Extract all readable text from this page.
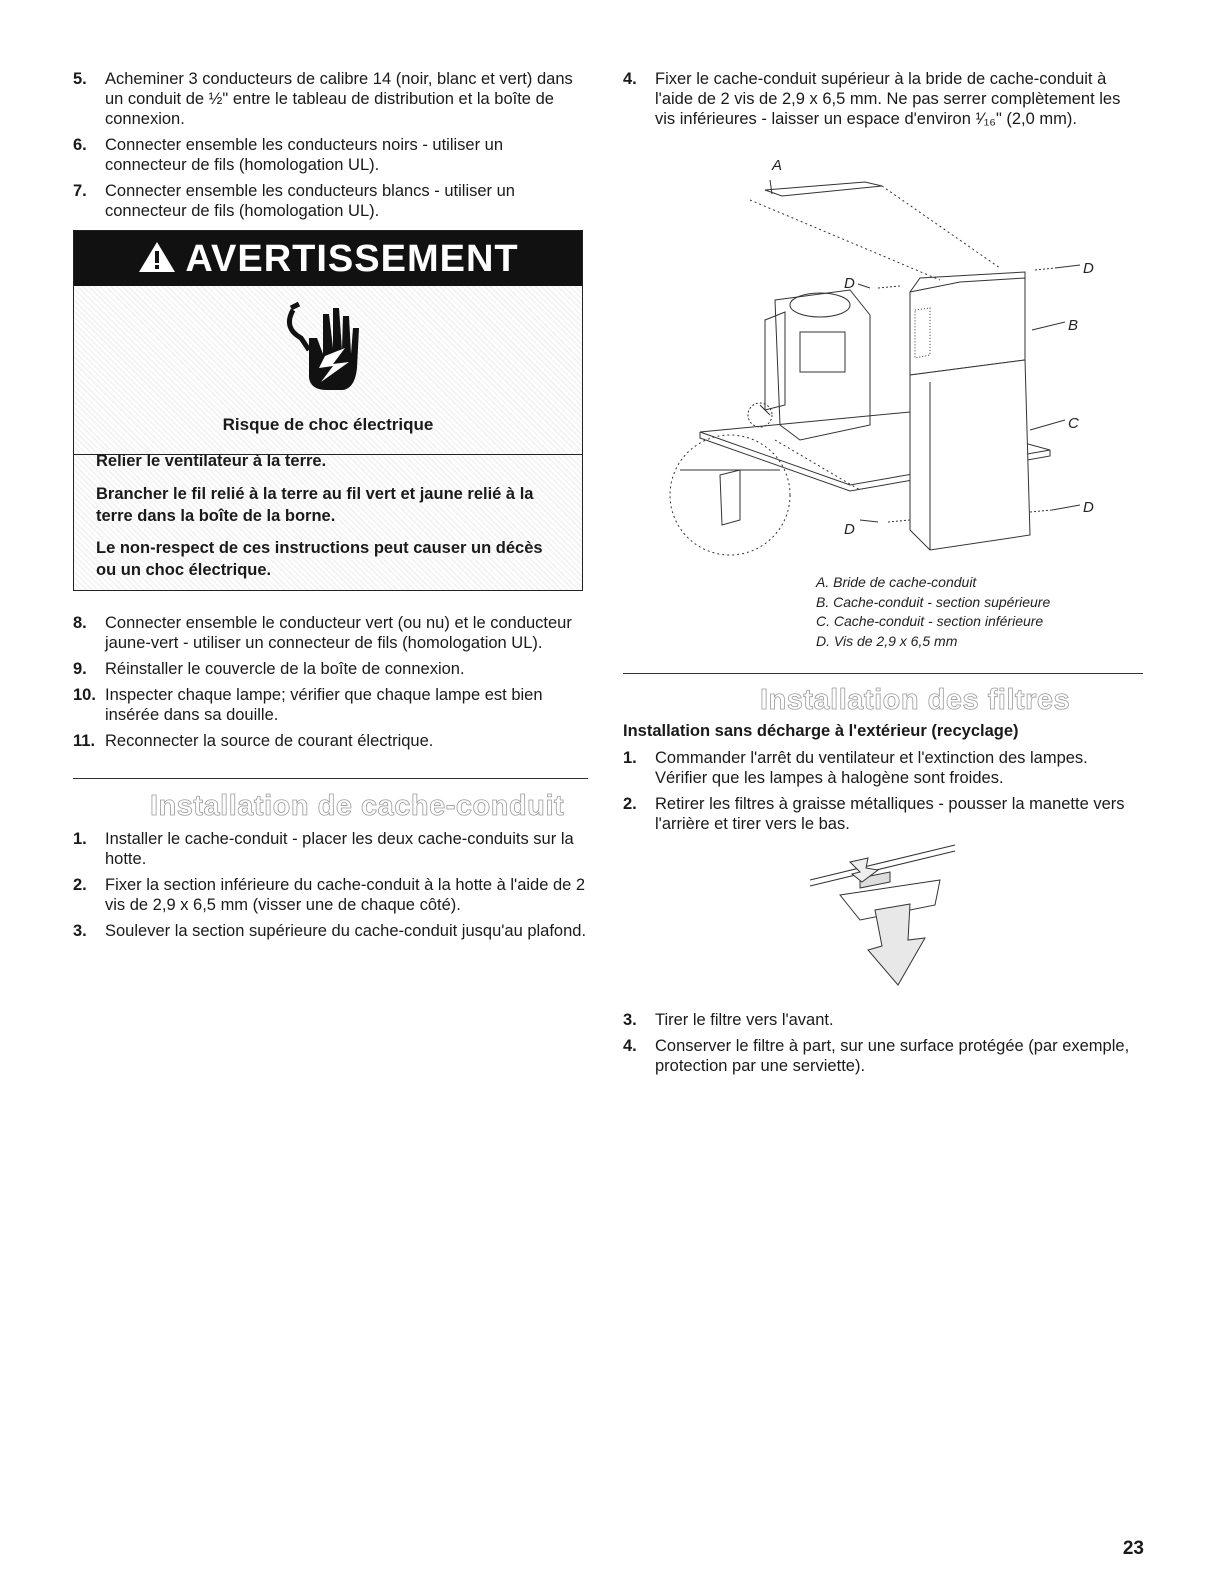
5. Acheminer 3 conducteurs de calibre 14 (noir, blanc et vert) dans un conduit de ½" entre le tableau de distribution et la boîte de connexion.
6. Connecter ensemble les conducteurs noirs - utiliser un connecteur de fils (homologation UL).
7. Connecter ensemble les conducteurs blancs - utiliser un connecteur de fils (homologation UL).
AVERTISSEMENT
Risque de choc électrique
Relier le ventilateur à la terre.
Brancher le fil relié à la terre au fil vert et jaune relié à la terre dans la boîte de la borne.
Le non-respect de ces instructions peut causer un décès ou un choc électrique.
8. Connecter ensemble le conducteur vert (ou nu) et le conducteur jaune-vert - utiliser un connecteur de fils (homologation UL).
9. Réinstaller le couvercle de la boîte de connexion.
10. Inspecter chaque lampe; vérifier que chaque lampe est bien insérée dans sa douille.
11. Reconnecter la source de courant électrique.
Installation de cache-conduit
1. Installer le cache-conduit - placer les deux cache-conduits sur la hotte.
2. Fixer la section inférieure du cache-conduit à la hotte à l'aide de 2 vis de 2,9 x 6,5 mm (visser une de chaque côté).
3. Soulever la section supérieure du cache-conduit jusqu'au plafond.
4. Fixer le cache-conduit supérieur à la bride de cache-conduit à l'aide de 2 vis de 2,9 x 6,5 mm. Ne pas serrer complètement les vis inférieures - laisser un espace d'environ ¹⁄₁₆" (2,0 mm).
A
D
D
B
C
D
D
A. Bride de cache-conduit
B. Cache-conduit - section supérieure
C. Cache-conduit - section inférieure
D. Vis de 2,9 x 6,5 mm
Installation des filtres
Installation sans décharge à l'extérieur (recyclage)
1. Commander l'arrêt du ventilateur et l'extinction des lampes. Vérifier que les lampes à halogène sont froides.
2. Retirer les filtres à graisse métalliques - pousser la manette vers l'arrière et tirer vers le bas.
3. Tirer le filtre vers l'avant.
4. Conserver le filtre à part, sur une surface protégée (par exemple, protection par une serviette).
23
